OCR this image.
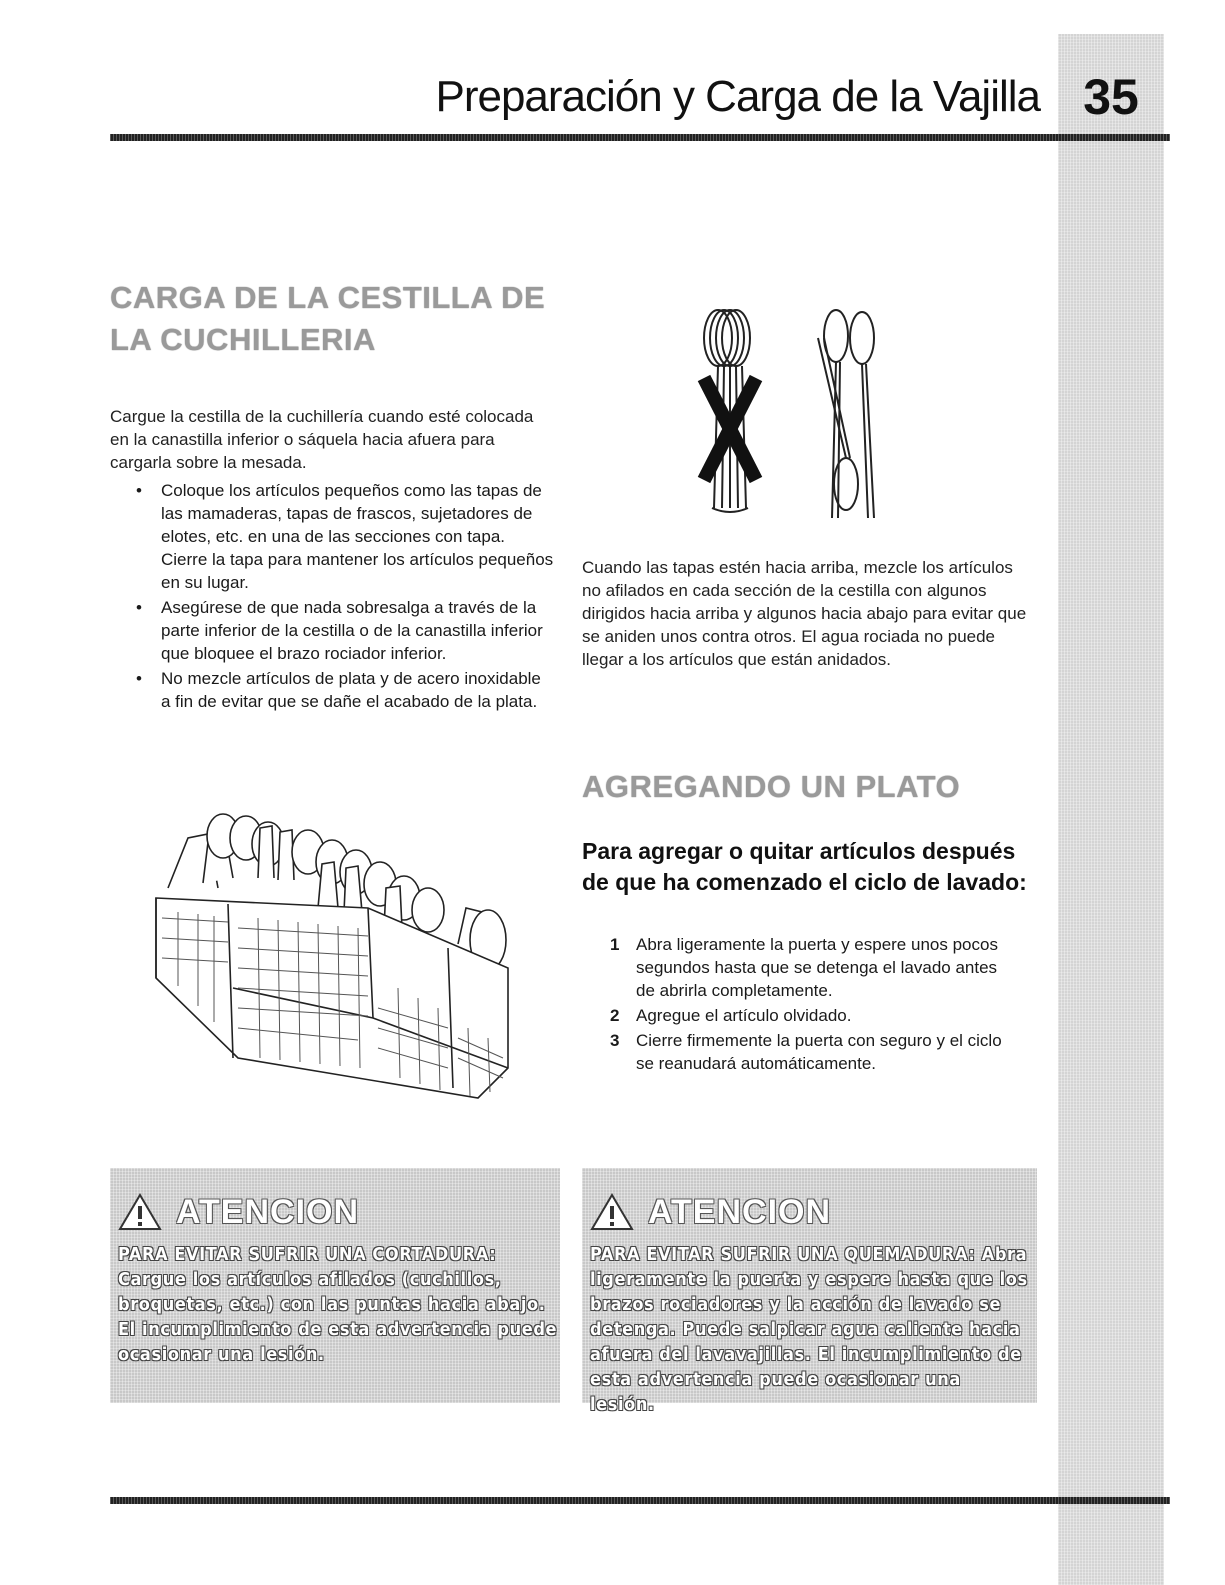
35
Preparación y Carga de la Vajilla
CARGA DE LA CESTILLA DE
LA CUCHILLERIA

Cargue la cestilla de la cuchillería cuando esté colocada en la canastilla inferior o sáquela hacia afuera para cargarla sobre la mesada.

• Coloque los artículos pequeños como las tapas de las mamaderas, tapas de frascos, sujetadores de elotes, etc. en una de las secciones con tapa. Cierre la tapa para mantener los artículos pequeños en su lugar.
• Asegúrese de que nada sobresalga a través de la parte inferior de la cestilla o de la canastilla inferior que bloquee el brazo rociador inferior.
• No mezcle artículos de plata y de acero inoxidable a fin de evitar que se dañe el acabado de la plata.

Cuando las tapas estén hacia arriba, mezcle los artículos no afilados en cada sección de la cestilla con algunos dirigidos hacia arriba y algunos hacia abajo para evitar que se aniden unos contra otros. El agua rociada no puede llegar a los artículos que están anidados.

AGREGANDO UN PLATO
Para agregar o quitar artículos después de que ha comenzado el ciclo de lavado:
1 Abra ligeramente la puerta y espere unos pocos segundos hasta que se detenga el lavado antes de abrirla completamente.
2 Agregue el artículo olvidado.
3 Cierre firmemente la puerta con seguro y el ciclo se reanudará automáticamente.
ATENCION

PARA EVITAR SUFRIR UNA CORTADURA: Cargue los artículos afilados (cuchillos, broquetas, etc.) con las puntas hacia abajo. El incumplimiento de esta advertencia puede ocasionar una lesión.

ATENCION

PARA EVITAR SUFRIR UNA QUEMADURA: Abra ligeramente la puerta y espere hasta que los brazos rociadores y la acción de lavado se detenga. Puede salpicar agua caliente hacia afuera del lavavajillas. El incumplimiento de esta advertencia puede ocasionar una lesión.
